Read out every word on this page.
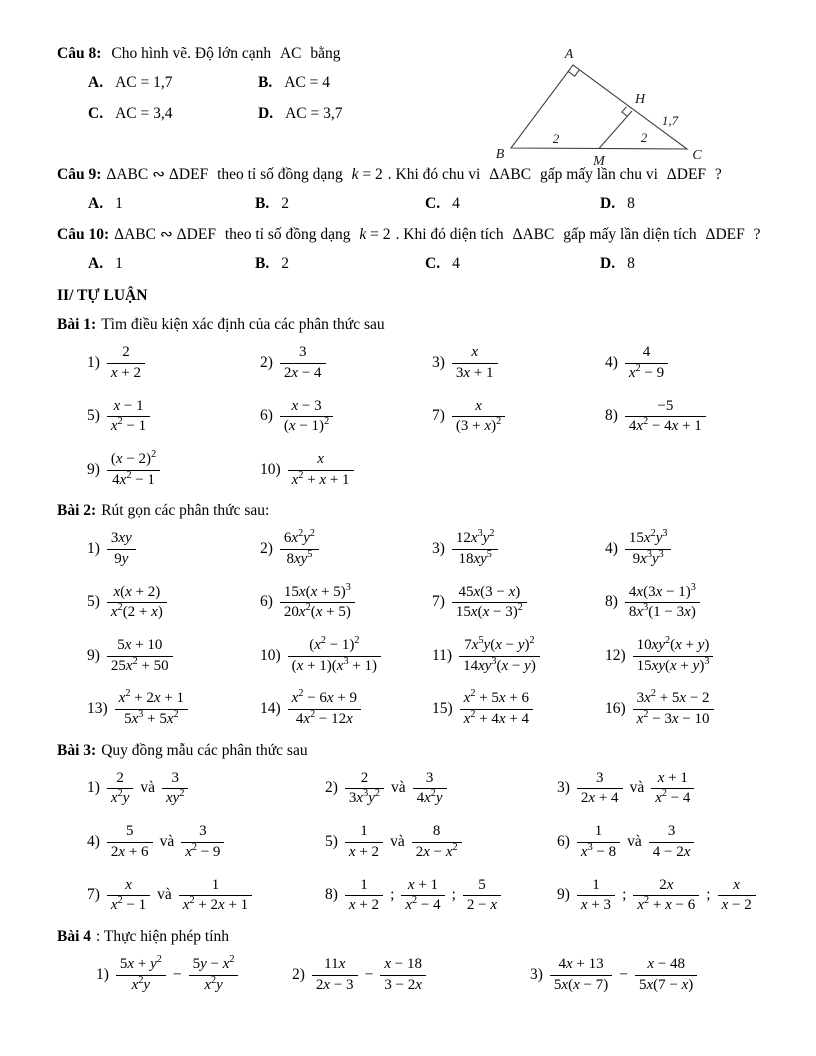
Câu 8: Cho hình vẽ. Độ lớn cạnh AC bằng
A. AC = 1,7	B. AC = 4
C. AC = 3,4	D. AC = 3,7
Câu 9: ΔABC ∾ ΔDEF theo tỉ số đồng dạng k = 2 . Khi đó chu vi ΔABC gấp mấy lần chu vi ΔDEF ?
A. 1	B. 2	C. 4	D. 8
Câu 10: ΔABC ∾ ΔDEF theo tỉ số đồng dạng k = 2 . Khi đó diện tích ΔABC gấp mấy lần diện tích ΔDEF ?
A. 1	B. 2	C. 4	D. 8
II/ TỰ LUẬN
Bài 1: Tìm điều kiện xác định của các phân thức sau
$1) \frac{2}{x + 2}$	$2) \frac{3}{2x - 4}$	$3) \frac{x}{3x + 1}$	$4) \frac{4}{x^2 - 9}$
$5) \frac{x - 1}{x^2 - 1}$	$6) \frac{x - 3}{(x - 1)^2}$	$7) \frac{x}{(3 + x)^2}$	$8) \frac{-5}{4x^2 - 4x + 1}$
$9) \frac{(x - 2)^2}{4x^2 - 1}$	$10) \frac{x}{x^2 + x + 1}$
Bài 2: Rút gọn các phân thức sau:
$1) \frac{3xy}{9y}$	$2) \frac{6x^2y^2}{8xy^5}$	$3) \frac{12x^3y^2}{18xy^5}$	$4) \frac{15x^2y^3}{9x^3y^3}$
$5) \frac{x(x + 2)}{x^2(2 + x)}$	$6) \frac{15x(x + 5)^3}{20x^2(x + 5)}$	$7) \frac{45x(3 - x)}{15x(x - 3)^2}$	$8) \frac{4x(3x - 1)^3}{8x^3(1 - 3x)}$
$9) \frac{5x + 10}{25x^2 + 50}$	$10) \frac{(x^2 - 1)^2}{(x + 1)(x^3 + 1)}$	$11) \frac{7x^5y(x - y)^2}{14xy^3(x - y)}$	$12) \frac{10xy^2(x + y)}{15xy(x + y)^3}$
$13) \frac{x^2 + 2x + 1}{5x^3 + 5x^2}$	$14) \frac{x^2 - 6x + 9}{4x^2 - 12x}$	$15) \frac{x^2 + 5x + 6}{x^2 + 4x + 4}$	$16) \frac{3x^2 + 5x - 2}{x^2 - 3x - 10}$
Bài 3: Quy đồng mẫu các phân thức sau
$1) \frac{2}{x^2y}$ và $\frac{3}{xy^2}$	$2) \frac{2}{3x^3y^2}$ và $\frac{3}{4x^2y}$	$3) \frac{3}{2x + 4}$ và $\frac{x + 1}{x^2 - 4}$
$4) \frac{5}{2x + 6}$ và $\frac{3}{x^2 - 9}$	$5) \frac{1}{x + 2}$ và $\frac{8}{2x - x^2}$	$6) \frac{1}{x^3 - 8}$ và $\frac{3}{4 - 2x}$
$7) \frac{x}{x^2 - 1}$ và $\frac{1}{x^2 + 2x + 1}$	$8) \frac{1}{x + 2}$ ; $\frac{x + 1}{x^2 - 4}$ ; $\frac{5}{2 - x}$	$9) \frac{1}{x + 3}$ ; $\frac{2x}{x^2 + x - 6}$ ; $\frac{x}{x - 2}$
Bài 4 : Thực hiện phép tính
$1) \frac{5x + y^2}{x^2y} - \frac{5y - x^2}{x^2y}$	$2) \frac{11x}{2x - 3} - \frac{x - 18}{3 - 2x}$	$3) \frac{4x + 13}{5x(x - 7)} - \frac{x - 48}{5x(7 - x)}$
A
B	C
H
M
2	2
1,7
